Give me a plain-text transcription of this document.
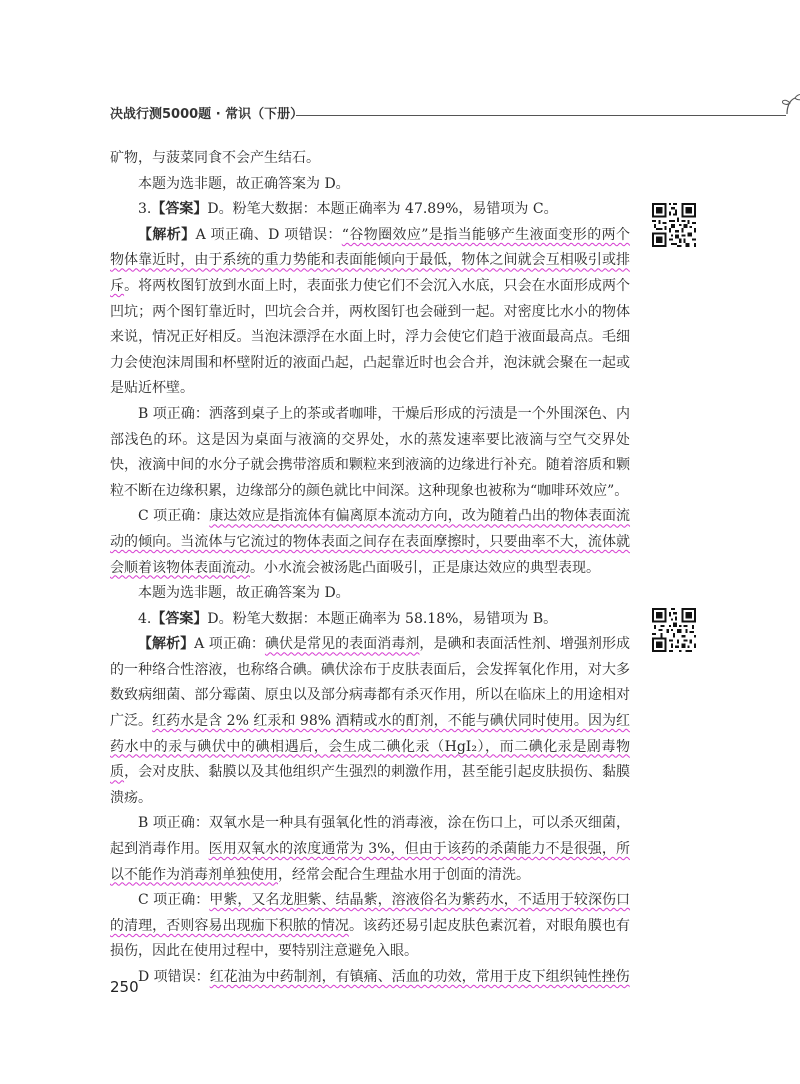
决战行测5000题 · 常识（下册）

矿物，与菠菜同食不会产生结石。

本题为选非题，故正确答案为 D。

3.【答案】D。粉笔大数据：本题正确率为 47.89%，易错项为 C。

【解析】A 项正确、D 项错误：“谷物圈效应”是指当能够产生液面变形的两个物体靠近时，由于系统的重力势能和表面能倾向于最低，物体之间就会互相吸引或排斥。将两枚图钉放到水面上时，表面张力使它们不会沉入水底，只会在水面形成两个凹坑；两个图钉靠近时，凹坑会合并，两枚图钉也会碰到一起。对密度比水小的物体来说，情况正好相反。当泡沫漂浮在水面上时，浮力会使它们趋于液面最高点。毛细力会使泡沫周围和杯壁附近的液面凸起，凸起靠近时也会合并，泡沫就会聚在一起或是贴近杯壁。

B 项正确：洒落到桌子上的茶或者咖啡，干燥后形成的污渍是一个外围深色、内部浅色的环。这是因为桌面与液滴的交界处，水的蒸发速率要比液滴与空气交界处快，液滴中间的水分子就会携带溶质和颗粒来到液滴的边缘进行补充。随着溶质和颗粒不断在边缘积累，边缘部分的颜色就比中间深。这种现象也被称为“咖啡环效应”。

C 项正确：康达效应是指流体有偏离原本流动方向，改为随着凸出的物体表面流动的倾向。当流体与它流过的物体表面之间存在表面摩擦时，只要曲率不大，流体就会顺着该物体表面流动。小水流会被汤匙凸面吸引，正是康达效应的典型表现。

本题为选非题，故正确答案为 D。

4.【答案】D。粉笔大数据：本题正确率为 58.18%，易错项为 B。

【解析】A 项正确：碘伏是常见的表面消毒剂，是碘和表面活性剂、增强剂形成的一种络合性溶液，也称络合碘。碘伏涂布于皮肤表面后，会发挥氧化作用，对大多数致病细菌、部分霉菌、原虫以及部分病毒都有杀灭作用，所以在临床上的用途相对广泛。红药水是含 2% 红汞和 98% 酒精或水的酊剂，不能与碘伏同时使用。因为红药水中的汞与碘伏中的碘相遇后，会生成二碘化汞（HgI₂），而二碘化汞是剧毒物质，会对皮肤、黏膜以及其他组织产生强烈的刺激作用，甚至能引起皮肤损伤、黏膜溃疡。

B 项正确：双氧水是一种具有强氧化性的消毒液，涂在伤口上，可以杀灭细菌，起到消毒作用。医用双氧水的浓度通常为 3%，但由于该药的杀菌能力不是很强，所以不能作为消毒剂单独使用，经常会配合生理盐水用于创面的清洗。

C 项正确：甲紫，又名龙胆紫、结晶紫，溶液俗名为紫药水，不适用于较深伤口的清理，否则容易出现痂下积脓的情况。该药还易引起皮肤色素沉着，对眼角膜也有损伤，因此在使用过程中，要特别注意避免入眼。

D 项错误：红花油为中药制剂，有镇痛、活血的功效，常用于皮下组织钝性挫伤

250
